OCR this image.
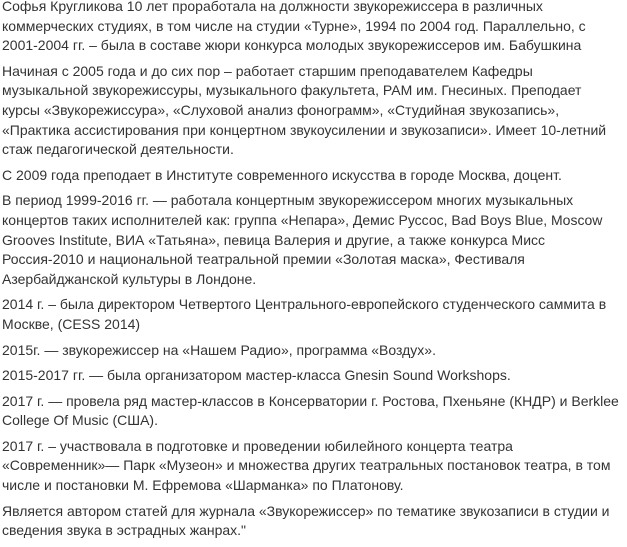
Софья Кругликова 10 лет проработала на должности звукорежиссера в различных коммерческих студиях, в том числе на студии «Турне», 1994 по 2004 год. Параллельно, с 2001-2004 гг. – была в составе жюри конкурса молодых звукорежиссеров им. Бабушкина

Начиная с 2005 года и до сих пор – работает старшим преподавателем Кафедры музыкальной звукорежиссуры, музыкального факультета, РАМ им. Гнесиных. Преподает курсы «Звукорежиссура», «Слуховой анализ фонограмм», «Студийная звукозапись», «Практика ассистирования при концертном звукоусилении и звукозаписи». Имеет 10-летний стаж педагогической деятельности.

С 2009 года преподает в Институте современного искусства в городе Москва, доцент.

В период 1999-2016 гг. — работала концертным звукорежиссером многих музыкальных концертов таких исполнителей как: группа «Непара», Демис Руссос, Bad Boys Blue, Moscow Grooves Institute, ВИА «Татьяна», певица Валерия и другие, а также конкурса Мисс Россия-2010 и национальной театральной премии «Золотая маска», Фестиваля Азербайджанской культуры в Лондоне.

2014 г. – была директором Четвертого Центрального-европейского студенческого саммита в Москве, (CESS 2014)

2015г. — звукорежиссер на «Нашем Радио», программа «Воздух».

2015-2017 гг. — была организатором мастер-класса Gnesin Sound Workshops.

2017 г. — провела ряд мастер-классов в Консерватории г. Ростова, Пхеньяне (КНДР) и Berklee College Of Music (США).

2017 г. – участвовала в подготовке и проведении юбилейного концерта театра «Современник»— Парк «Музеон» и множества других театральных постановок театра, в том числе и постановки М. Ефремова «Шарманка» по Платонову.

Является автором статей для журнала «Звукорежиссер» по тематике звукозаписи в студии и сведения звука в эстрадных жанрах."
